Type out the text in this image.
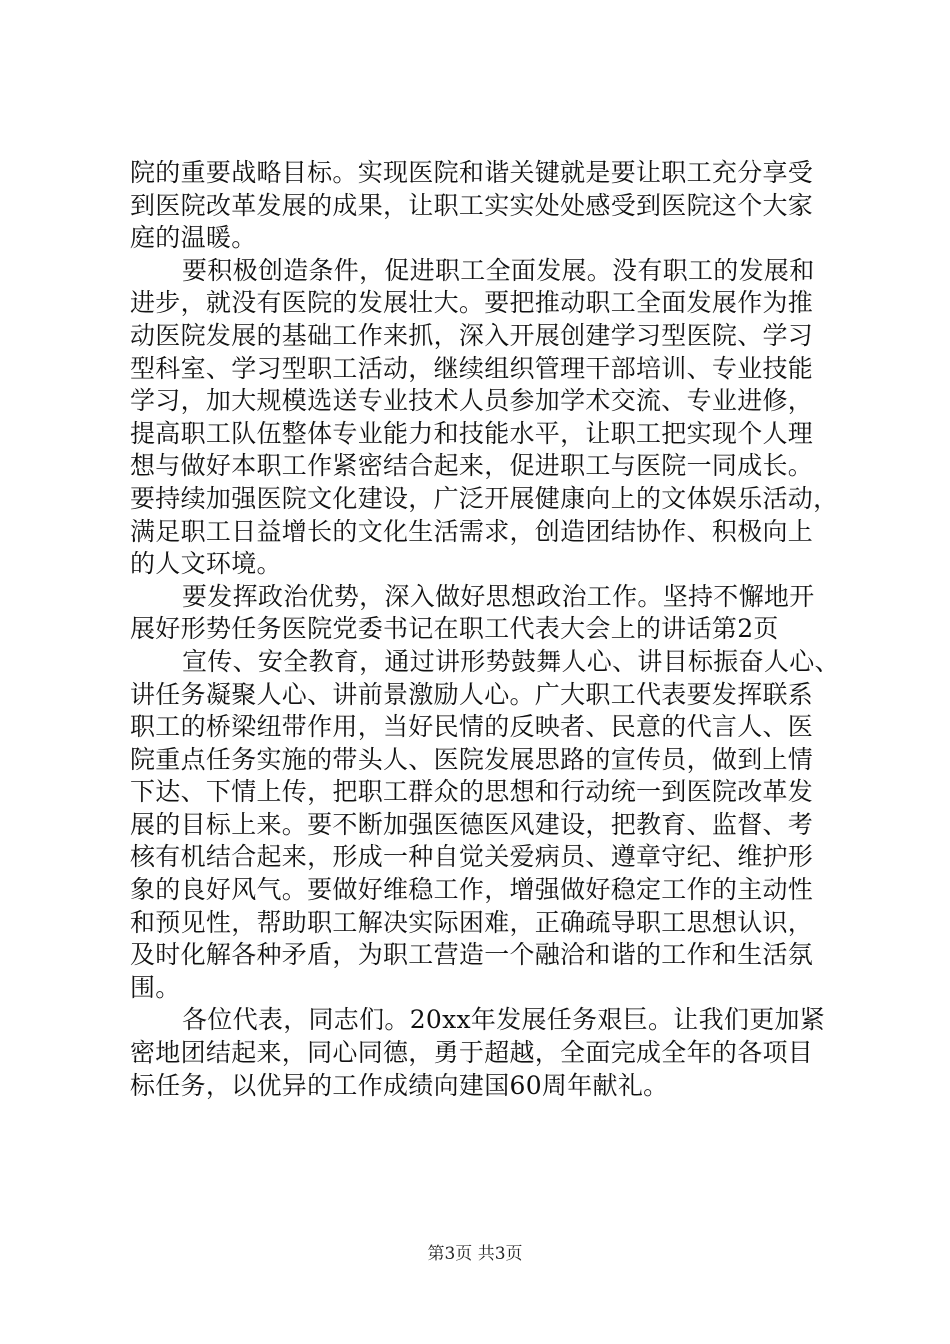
院的重要战略目标。实现医院和谐关键就是要让职工充分享受
到医院改革发展的成果，让职工实实处处感受到医院这个大家
庭的温暖。
要积极创造条件，促进职工全面发展。没有职工的发展和
进步，就没有医院的发展壮大。要把推动职工全面发展作为推
动医院发展的基础工作来抓，深入开展创建学习型医院、学习
型科室、学习型职工活动，继续组织管理干部培训、专业技能
学习，加大规模选送专业技术人员参加学术交流、专业进修，
提高职工队伍整体专业能力和技能水平，让职工把实现个人理
想与做好本职工作紧密结合起来，促进职工与医院一同成长。
要持续加强医院文化建设，广泛开展健康向上的文体娱乐活动，
满足职工日益增长的文化生活需求，创造团结协作、积极向上
的人文环境。
要发挥政治优势，深入做好思想政治工作。坚持不懈地开
展好形势任务医院党委书记在职工代表大会上的讲话第2页
宣传、安全教育，通过讲形势鼓舞人心、讲目标振奋人心、
讲任务凝聚人心、讲前景激励人心。广大职工代表要发挥联系
职工的桥梁纽带作用，当好民情的反映者、民意的代言人、医
院重点任务实施的带头人、医院发展思路的宣传员，做到上情
下达、下情上传，把职工群众的思想和行动统一到医院改革发
展的目标上来。要不断加强医德医风建设，把教育、监督、考
核有机结合起来，形成一种自觉关爱病员、遵章守纪、维护形
象的良好风气。要做好维稳工作，增强做好稳定工作的主动性
和预见性，帮助职工解决实际困难，正确疏导职工思想认识，
及时化解各种矛盾，为职工营造一个融洽和谐的工作和生活氛
围。
各位代表，同志们。20xx年发展任务艰巨。让我们更加紧
密地团结起来，同心同德，勇于超越，全面完成全年的各项目
标任务，以优异的工作成绩向建国60周年献礼。
第3页 共3页
